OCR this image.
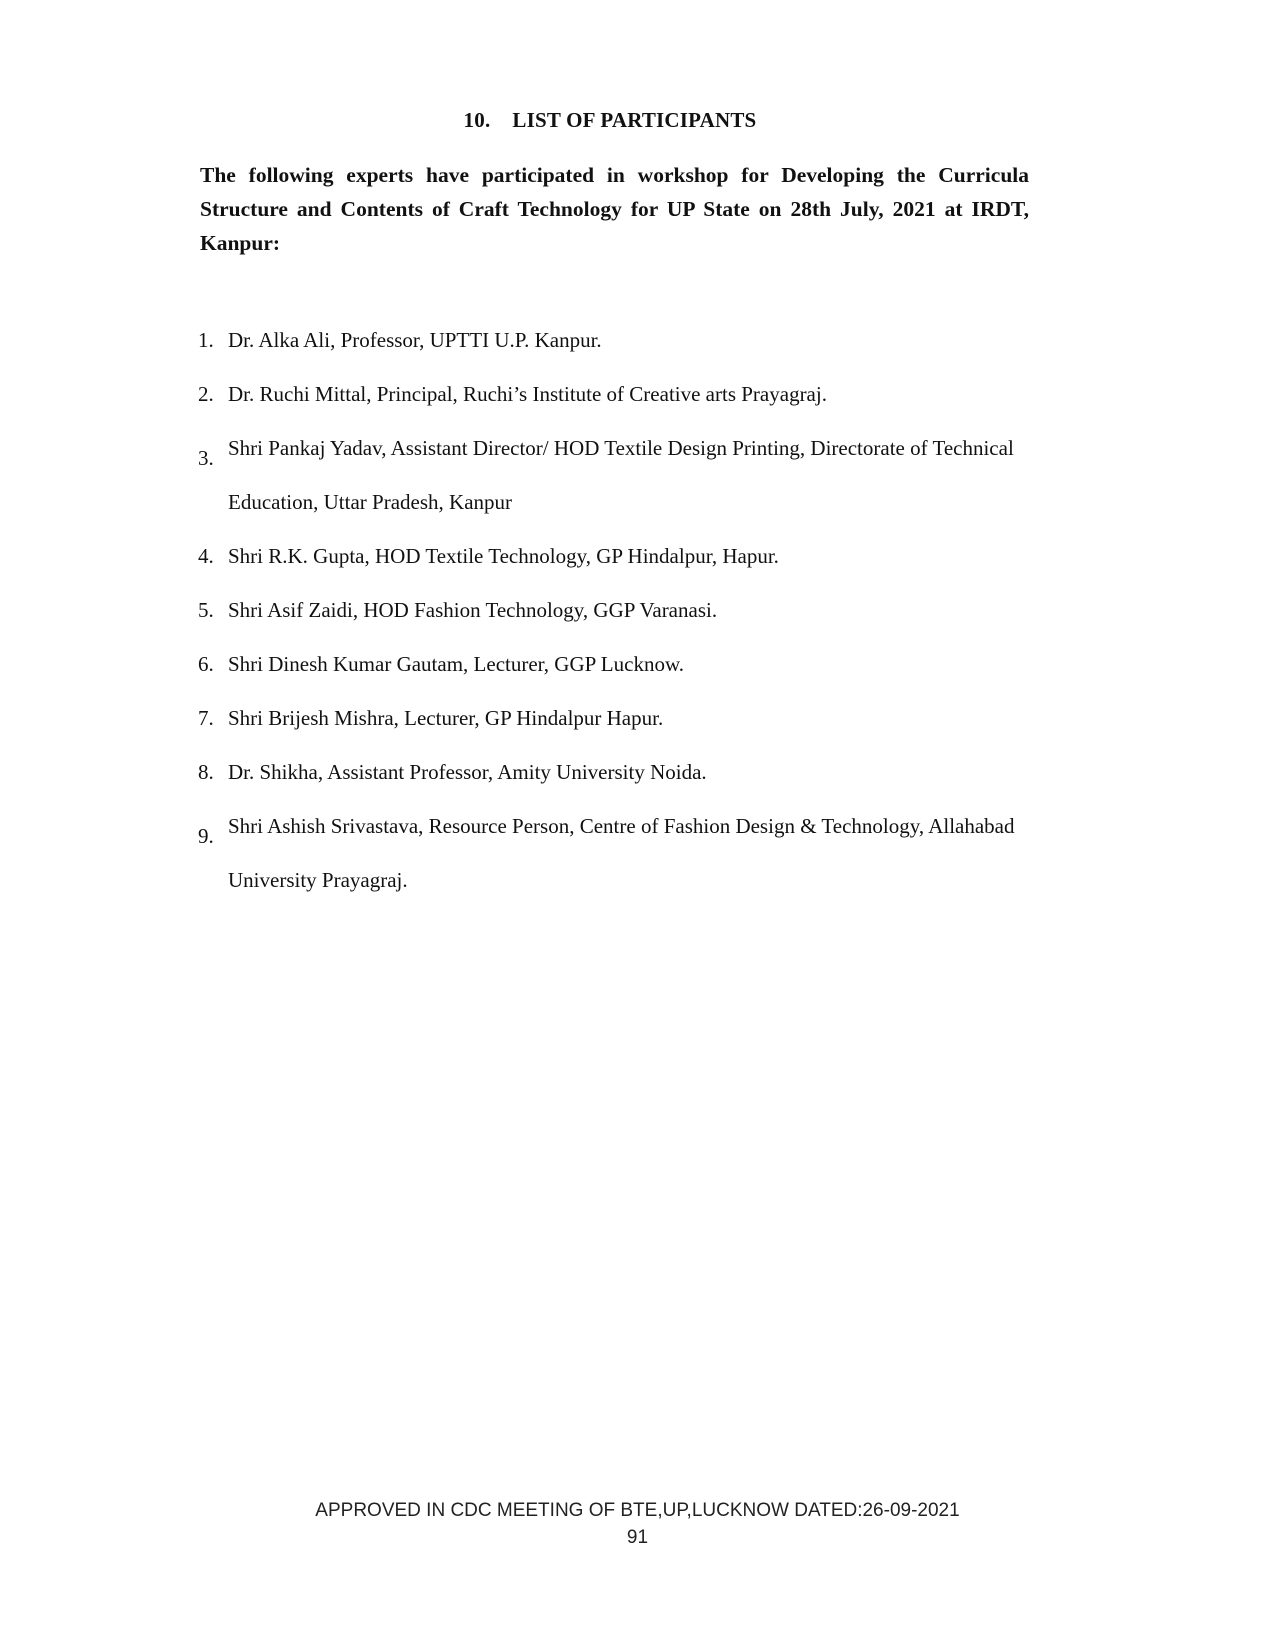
10. LIST OF PARTICIPANTS
The following experts have participated in workshop for Developing the Curricula Structure and Contents of Craft Technology for UP State on 28th July, 2021 at IRDT, Kanpur:
1. Dr. Alka Ali, Professor, UPTTI U.P. Kanpur.
2. Dr. Ruchi Mittal, Principal, Ruchi’s Institute of Creative arts Prayagraj.
3. Shri Pankaj Yadav, Assistant Director/ HOD Textile Design Printing, Directorate of Technical Education, Uttar Pradesh, Kanpur
4. Shri R.K. Gupta, HOD Textile Technology, GP Hindalpur, Hapur.
5. Shri Asif Zaidi, HOD Fashion Technology, GGP Varanasi.
6. Shri Dinesh Kumar Gautam, Lecturer, GGP Lucknow.
7. Shri Brijesh Mishra, Lecturer, GP Hindalpur Hapur.
8. Dr. Shikha, Assistant Professor, Amity University Noida.
9. Shri Ashish Srivastava, Resource Person, Centre of Fashion Design & Technology, Allahabad University Prayagraj.
APPROVED IN CDC MEETING OF BTE,UP,LUCKNOW DATED:26-09-2021
91
